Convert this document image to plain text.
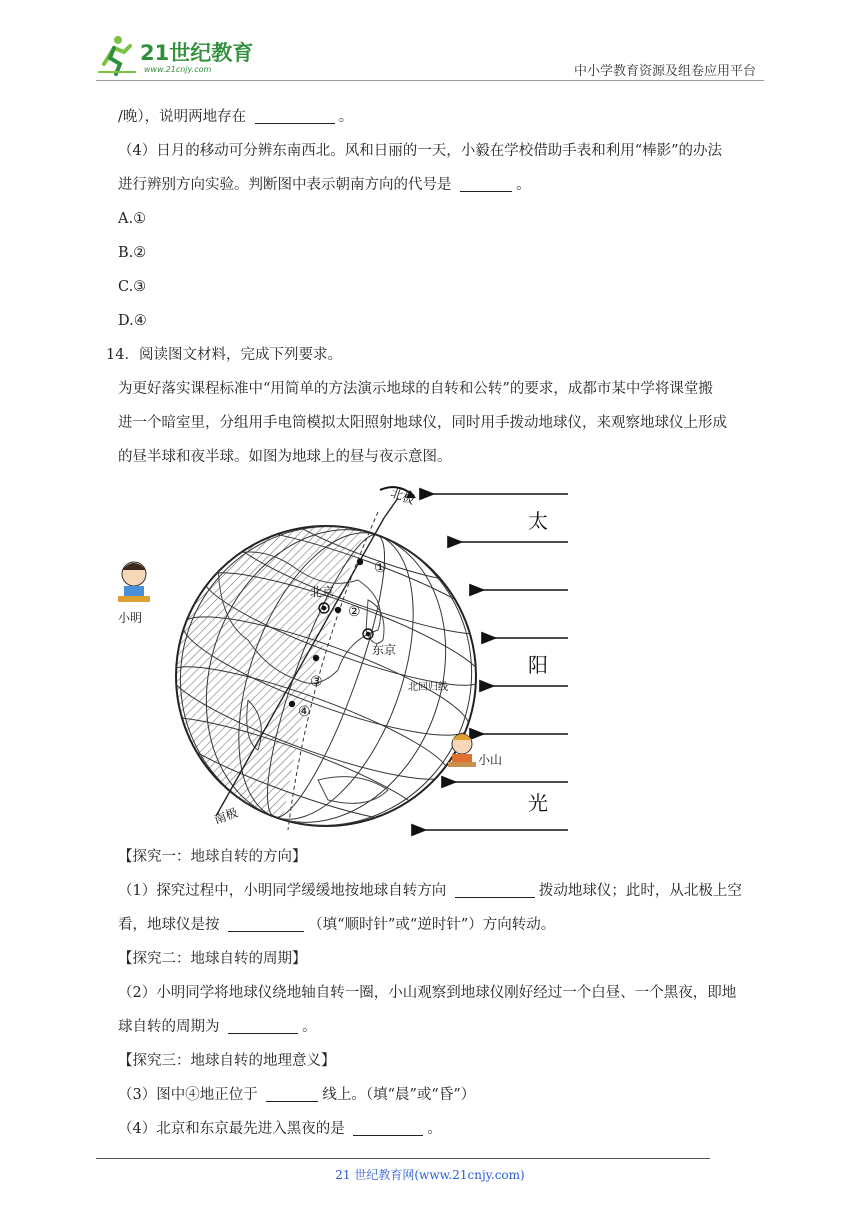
21世纪教育
www.21cnjy.com	中小学教育资源及组卷应用平台

/晚），说明两地存在	。

（4）日月的移动可分辨东南西北。风和日丽的一天，小毅在学校借助手表和利用“棒影”的办法

进行辨别方向实验。判断图中表示朝南方向的代号是	。

A.①

B.②

C.③

D.④

14．阅读图文材料，完成下列要求。

为更好落实课程标准中“用简单的方法演示地球的自转和公转”的要求，成都市某中学将课堂搬

进一个暗室里，分组用手电筒模拟太阳照射地球仪，同时用手拨动地球仪，来观察地球仪上形成

的昼半球和夜半球。如图为地球上的昼与夜示意图。

①
②
③
④
北京
东京
北回归线
北极
南极
太
阳
光
小明
小山

【探究一：地球自转的方向】

（1）探究过程中，小明同学缓缓地按地球自转方向	拨动地球仪；此时，从北极上空

看，地球仪是按	（填“顺时针”或“逆时针”）方向转动。

【探究二：地球自转的周期】

（2）小明同学将地球仪绕地轴自转一圈，小山观察到地球仪刚好经过一个白昼、一个黑夜，即地

球自转的周期为	。

【探究三：地球自转的地理意义】

（3）图中④地正位于	线上。（填“晨”或“昏”）

（4）北京和东京最先进入黑夜的是	。

21 世纪教育网(www.21cnjy.com)
